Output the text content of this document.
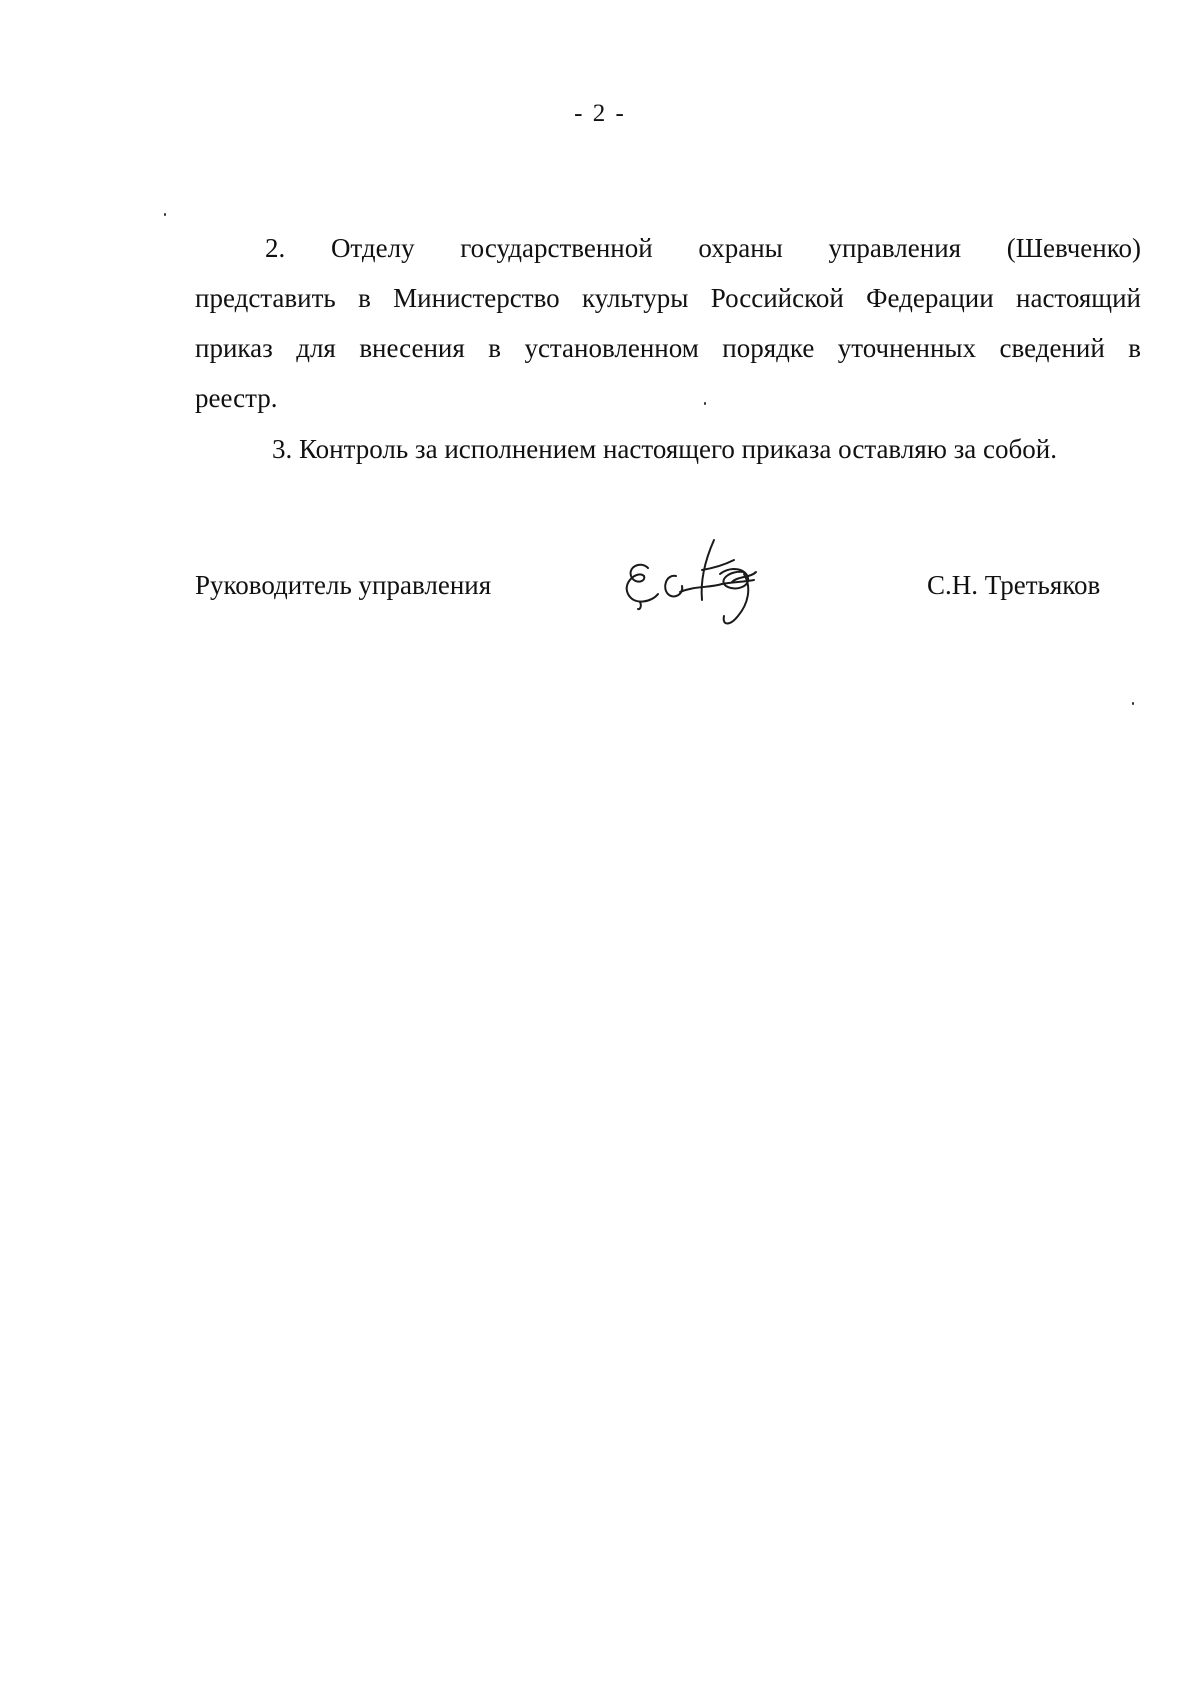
- 2 -
2. Отделу государственной охраны управления (Шевченко)
представить в Министерство культуры Российской Федерации настоящий
приказ для внесения в установленном порядке уточненных сведений в
реестр.
3. Контроль за исполнением настоящего приказа оставляю за собой.
Руководитель управления	С.Н. Третьяков
